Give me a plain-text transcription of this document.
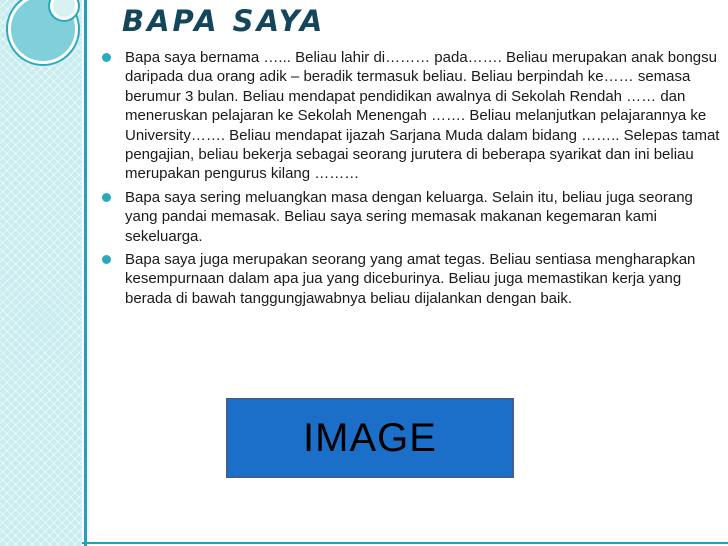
BAPA SAYA
Bapa saya bernama …... Beliau lahir di……… pada……. Beliau merupakan anak bongsu daripada dua orang adik – beradik termasuk beliau. Beliau berpindah ke…… semasa berumur 3 bulan. Beliau mendapat pendidikan awalnya di Sekolah Rendah …… dan meneruskan pelajaran ke Sekolah Menengah ……. Beliau melanjutkan pelajarannya ke University……. Beliau mendapat ijazah Sarjana Muda dalam bidang …….. Selepas tamat pengajian, beliau bekerja sebagai seorang jurutera di beberapa syarikat dan ini beliau merupakan pengurus kilang ………
Bapa saya sering meluangkan masa dengan keluarga. Selain itu, beliau juga seorang yang pandai memasak. Beliau saya sering memasak makanan kegemaran kami sekeluarga.
Bapa saya juga merupakan seorang yang amat tegas. Beliau sentiasa mengharapkan kesempurnaan dalam apa jua yang diceburinya. Beliau juga memastikan kerja yang berada di bawah tanggungjawabnya beliau dijalankan dengan baik.
IMAGE
